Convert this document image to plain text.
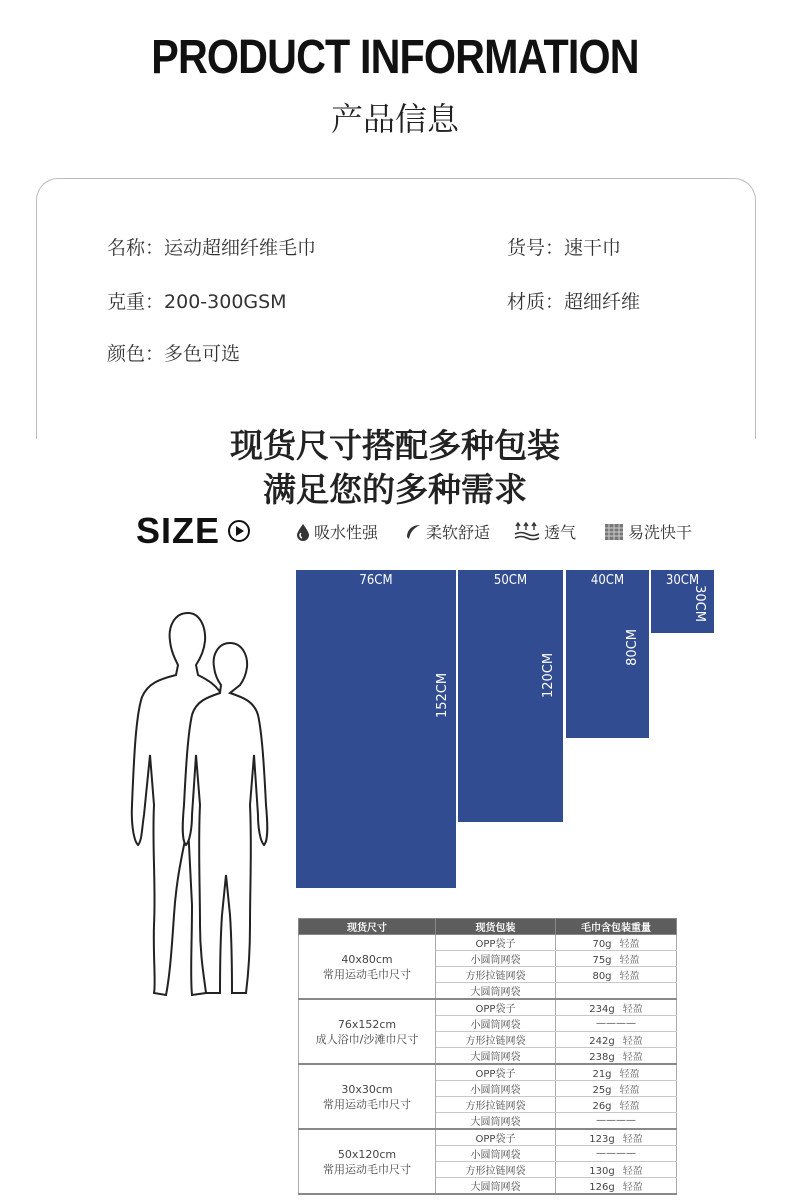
PRODUCT INFORMATION
产品信息
名称：运动超细纤维毛巾	货号：速干巾
克重：200-300GSM	材质：超细纤维
颜色：多色可选
现货尺寸搭配多种包装
满足您的多种需求
SIZE	吸水性强	柔软舒适	透气	易洗快干
76CM
152CM
50CM
120CM
40CM
80CM
30CM
30CM
现货尺寸	现货包装	毛巾含包装重量

40x80cm
常用运动毛巾尺寸	OPP袋子	70g 轻盈
	小圆筒网袋	75g 轻盈
	方形拉链网袋	80g 轻盈
	大圆筒网袋	

76x152cm
成人浴巾/沙滩巾尺寸	OPP袋子	234g 轻盈
	小圆筒网袋	————
	方形拉链网袋	242g 轻盈
	大圆筒网袋	238g 轻盈

30x30cm
常用运动毛巾尺寸	OPP袋子	21g 轻盈
	小圆筒网袋	25g 轻盈
	方形拉链网袋	26g 轻盈
	大圆筒网袋	————

50x120cm
常用运动毛巾尺寸	OPP袋子	123g 轻盈
	小圆筒网袋	————
	方形拉链网袋	130g 轻盈
	大圆筒网袋	126g 轻盈
